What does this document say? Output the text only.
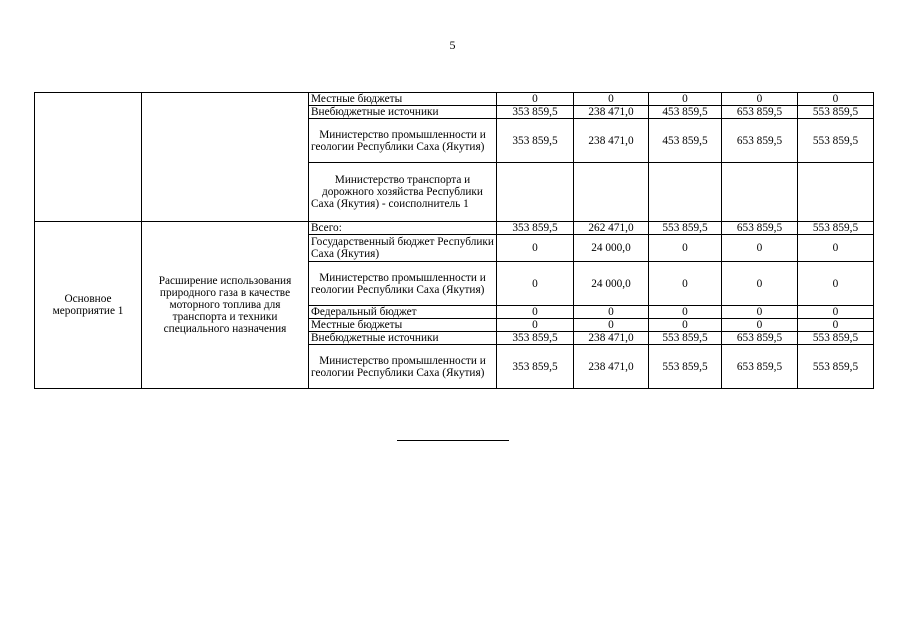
5
		Местные бюджеты	0	0	0	0	0
		Внебюджетные источники	353 859,5	238 471,0	453 859,5	653 859,5	553 859,5
		Министерство промышленности и геологии Республики Саха (Якутия)	353 859,5	238 471,0	453 859,5	653 859,5	553 859,5
		Министерство транспорта и дорожного хозяйства Республики Саха (Якутия) - соисполнитель 1					
Основное мероприятие 1	Расширение использования природного газа в качестве моторного топлива для транспорта и техники специального назначения	Всего:	353 859,5	262 471,0	553 859,5	653 859,5	553 859,5
		Государственный бюджет Республики Саха (Якутия)	0	24 000,0	0	0	0
		Министерство промышленности и геологии Республики Саха (Якутия)	0	24 000,0	0	0	0
		Федеральный бюджет	0	0	0	0	0
		Местные бюджеты	0	0	0	0	0
		Внебюджетные источники	353 859,5	238 471,0	553 859,5	653 859,5	553 859,5
		Министерство промышленности и геологии Республики Саха (Якутия)	353 859,5	238 471,0	553 859,5	653 859,5	553 859,5
